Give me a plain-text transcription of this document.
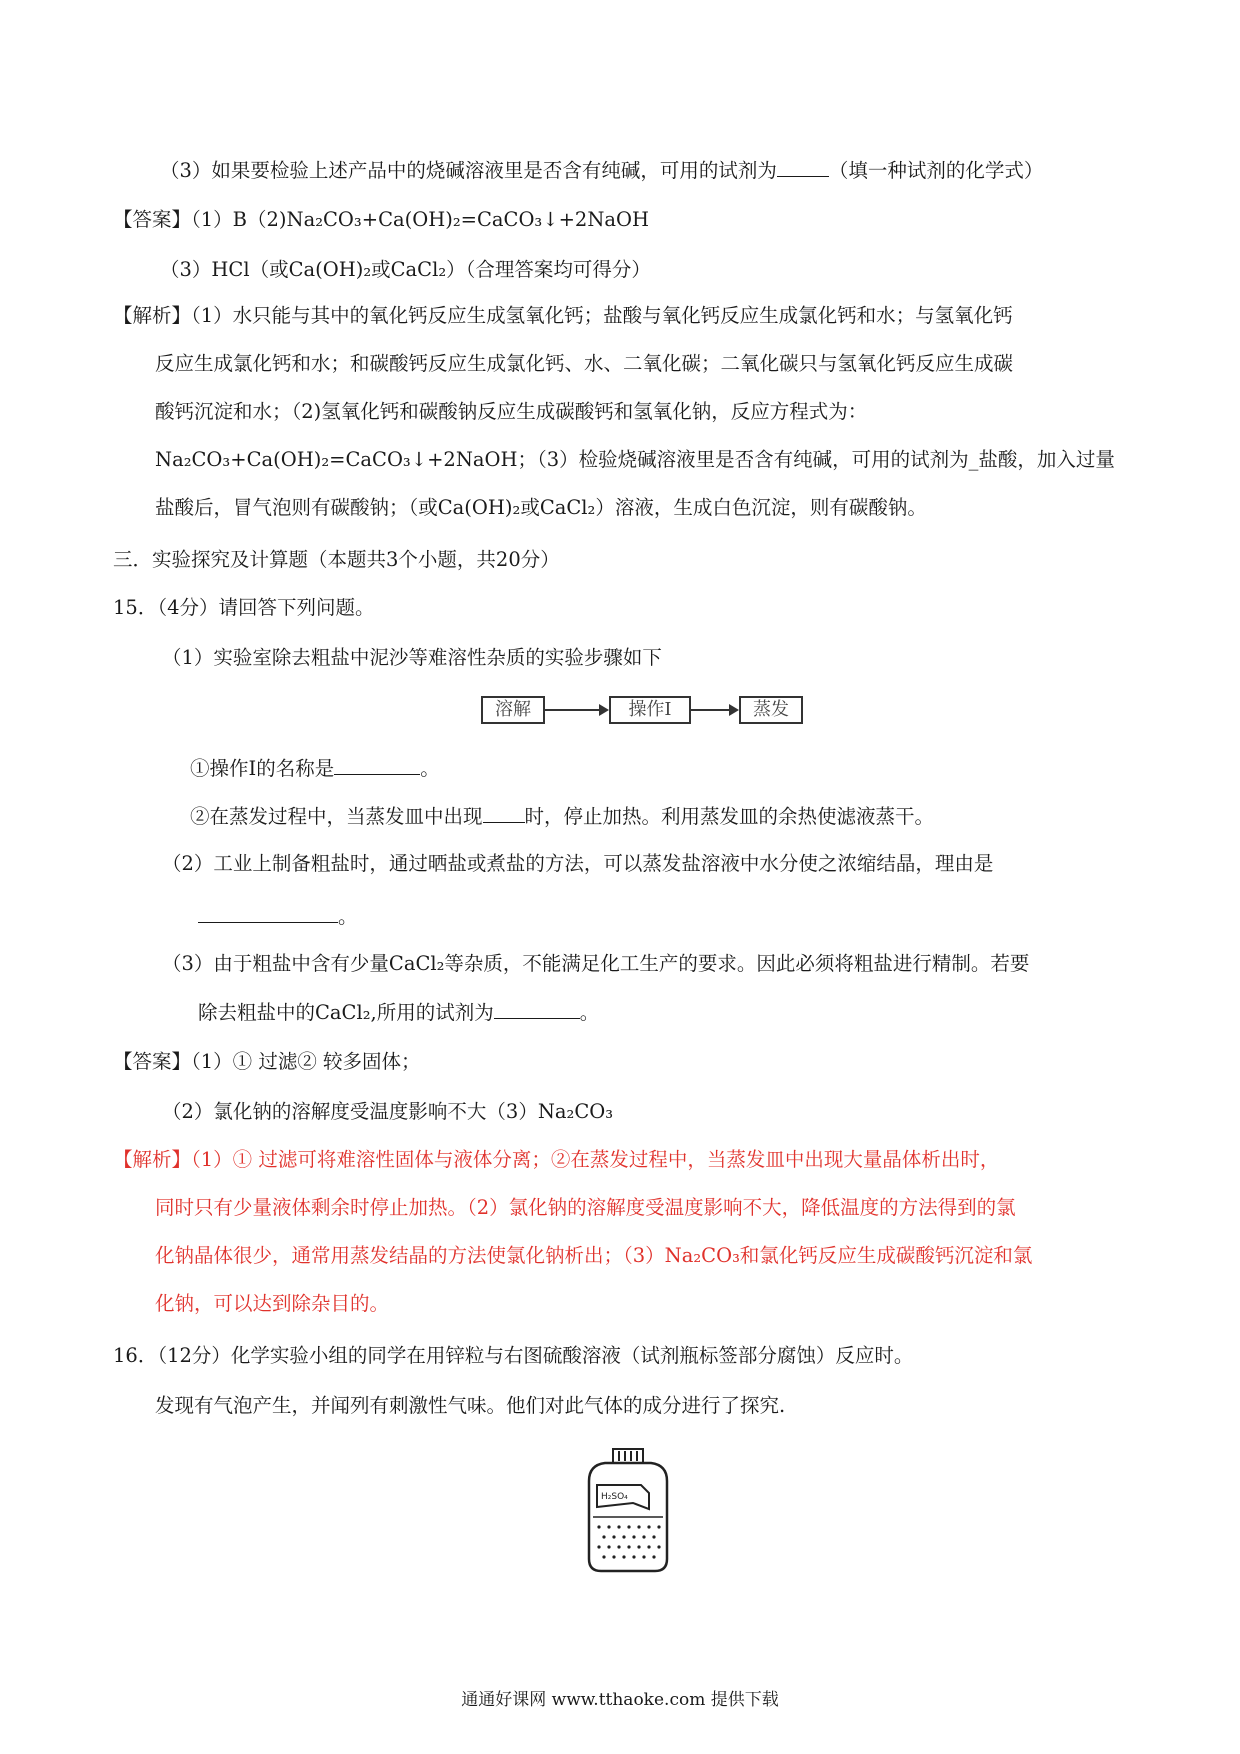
（3）如果要检验上述产品中的烧碱溶液里是否含有纯碱，可用的试剂为	（填一种试剂的化学式）
【答案】（1）B（2)Na₂CO₃+Ca(OH)₂=CaCO₃↓+2NaOH
（3）HCl（或Ca(OH)₂或CaCl₂）（合理答案均可得分）
【解析】（1）水只能与其中的氧化钙反应生成氢氧化钙；盐酸与氧化钙反应生成氯化钙和水；与氢氧化钙
反应生成氯化钙和水；和碳酸钙反应生成氯化钙、水、二氧化碳；二氧化碳只与氢氧化钙反应生成碳
酸钙沉淀和水；（2)氢氧化钙和碳酸钠反应生成碳酸钙和氢氧化钠，反应方程式为：
Na₂CO₃+Ca(OH)₂=CaCO₃↓+2NaOH；（3）检验烧碱溶液里是否含有纯碱，可用的试剂为_盐酸，加入过量
盐酸后，冒气泡则有碳酸钠；（或Ca(OH)₂或CaCl₂）溶液，生成白色沉淀，则有碳酸钠。
三．实验探究及计算题（本题共3个小题，共20分）
15．（4分）请回答下列问题。
（1）实验室除去粗盐中泥沙等难溶性杂质的实验步骤如下
溶解	操作Ⅰ	蒸发
①操作Ⅰ的名称是	。
②在蒸发过程中，当蒸发皿中出现 时，停止加热。利用蒸发皿的余热使滤液蒸干。
（2）工业上制备粗盐时，通过晒盐或煮盐的方法，可以蒸发盐溶液中水分使之浓缩结晶，理由是
。
（3）由于粗盐中含有少量CaCl₂等杂质，不能满足化工生产的要求。因此必须将粗盐进行精制。若要
除去粗盐中的CaCl₂,所用的试剂为	。
【答案】（1）① 过滤② 较多固体；
（2）氯化钠的溶解度受温度影响不大（3）Na₂CO₃
【解析】（1）① 过滤可将难溶性固体与液体分离；②在蒸发过程中，当蒸发皿中出现大量晶体析出时，
同时只有少量液体剩余时停止加热。（2）氯化钠的溶解度受温度影响不大，降低温度的方法得到的氯
化钠晶体很少，通常用蒸发结晶的方法使氯化钠析出；（3）Na₂CO₃和氯化钙反应生成碳酸钙沉淀和氯
化钠，可以达到除杂目的。
16．（12分）化学实验小组的同学在用锌粒与右图硫酸溶液（试剂瓶标签部分腐蚀）反应时。
发现有气泡产生，并闻列有刺激性气味。他们对此气体的成分进行了探究.
H₂SO₄
通通好课网 www.tthaoke.com 提供下载
